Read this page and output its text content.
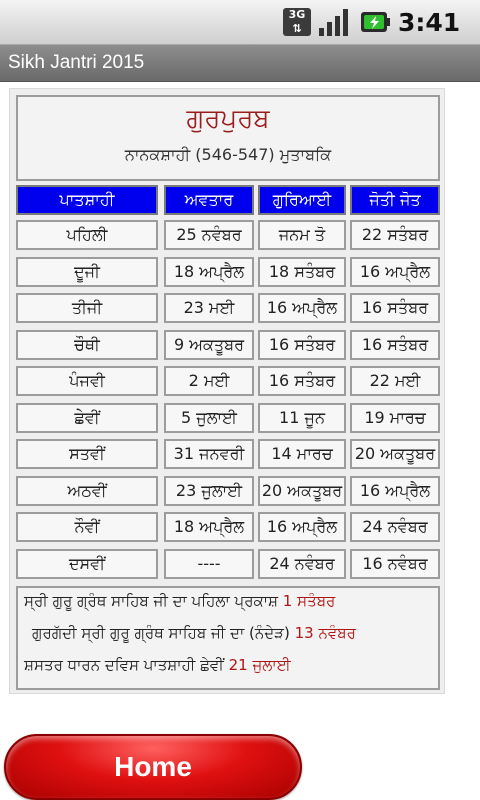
3G
⇅	3:41
Sikh Jantri 2015
ਗੁਰਪੁਰਬ
ਨਾਨਕਸ਼ਾਹੀ (546-547) ਮੁਤਾਬਕਿ
ਪਾਤਸ਼ਾਹੀ	ਅਵਤਾਰ	ਗੁਰਿਆਈ	ਜੋਤੀ ਜੋਤ
ਪਹਿਲੀ	25 ਨਵੰਬਰ	ਜਨਮ ਤੋ	22 ਸਤੰਬਰ
ਦੂਜੀ	18 ਅਪ੍ਰੈਲ	18 ਸਤੰਬਰ	16 ਅਪ੍ਰੈਲ
ਤੀਜੀ	23 ਮਈ	16 ਅਪ੍ਰੈਲ	16 ਸਤੰਬਰ
ਚੌਥੀ	9 ਅਕਤੂਬਰ	16 ਸਤੰਬਰ	16 ਸਤੰਬਰ
ਪੰਜਵੀ	2 ਮਈ	16 ਸਤੰਬਰ	22 ਮਈ
ਛੇਵੀਂ	5 ਜੁਲਾਈ	11 ਜੂਨ	19 ਮਾਰਚ
ਸਤਵੀਂ	31 ਜਨਵਰੀ	14 ਮਾਰਚ	20 ਅਕਤੂਬਰ
ਅਠਵੀਂ	23 ਜੁਲਾਈ	20 ਅਕਤੂਬਰ	16 ਅਪ੍ਰੈਲ
ਨੌਵੀਂ	18 ਅਪ੍ਰੈਲ	16 ਅਪ੍ਰੈਲ	24 ਨਵੰਬਰ
ਦਸਵੀਂ	----	24 ਨਵੰਬਰ	16 ਨਵੰਬਰ
ਸ੍ਰੀ ਗੁਰੂ ਗ੍ਰੰਥ ਸਾਹਿਬ ਜੀ ਦਾ ਪਹਿਲਾ ਪ੍ਰਕਾਸ਼ 1 ਸਤੰਬਰ
ਗੁਰਗੱਦੀ ਸ੍ਰੀ ਗੁਰੂ ਗ੍ਰੰਥ ਸਾਹਿਬ ਜੀ ਦਾ (ਨੰਦੇੜ) 13 ਨਵੰਬਰ
ਸ਼ਸਤਰ ਧਾਰਨ ਦਵਿਸ ਪਾਤਸ਼ਾਹੀ ਛੇਵੀਂ 21 ਜੁਲਾਈ
Home
